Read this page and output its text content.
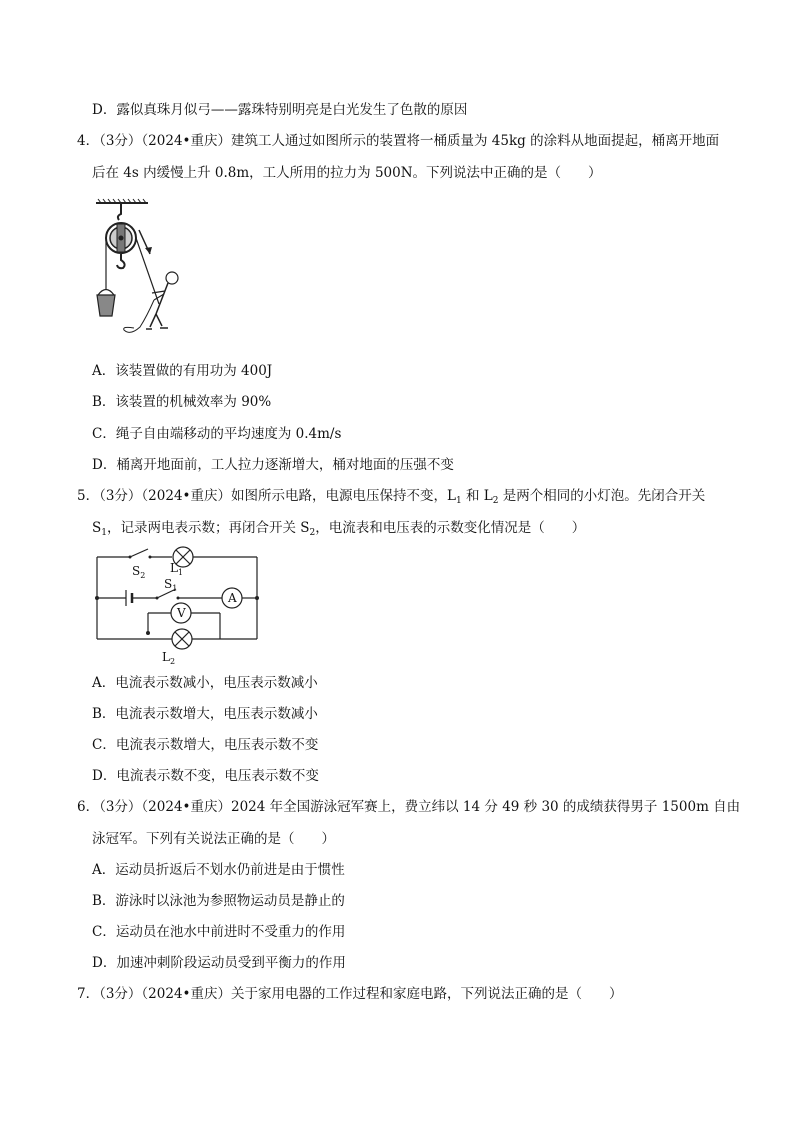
D．露似真珠月似弓——露珠特别明亮是白光发生了色散的原因
4．（3分）（2024•重庆）建筑工人通过如图所示的装置将一桶质量为 45kg 的涂料从地面提起，桶离开地面
后在 4s 内缓慢上升 0.8m，工人所用的拉力为 500N。下列说法中正确的是（　　）
A．该装置做的有用功为 400J
B．该装置的机械效率为 90%
C．绳子自由端移动的平均速度为 0.4m/s
D．桶离开地面前，工人拉力逐渐增大，桶对地面的压强不变
5．（3分）（2024•重庆）如图所示电路，电源电压保持不变，$L_1$ 和 $L_2$ 是两个相同的小灯泡。先闭合开关
$S_1$，记录两电表示数；再闭合开关 $S_2$，电流表和电压表的示数变化情况是（　　）
$S_2$
$L_1$
$S_1$
A
V
$L_2$
A．电流表示数减小，电压表示数减小
B．电流表示数增大，电压表示数减小
C．电流表示数增大，电压表示数不变
D．电流表示数不变，电压表示数不变
6．（3分）（2024•重庆）2024 年全国游泳冠军赛上，费立纬以 14 分 49 秒 30 的成绩获得男子 1500m 自由
泳冠军。下列有关说法正确的是（　　）
A．运动员折返后不划水仍前进是由于惯性
B．游泳时以泳池为参照物运动员是静止的
C．运动员在池水中前进时不受重力的作用
D．加速冲刺阶段运动员受到平衡力的作用
7．（3分）（2024•重庆）关于家用电器的工作过程和家庭电路，下列说法正确的是（　　）
